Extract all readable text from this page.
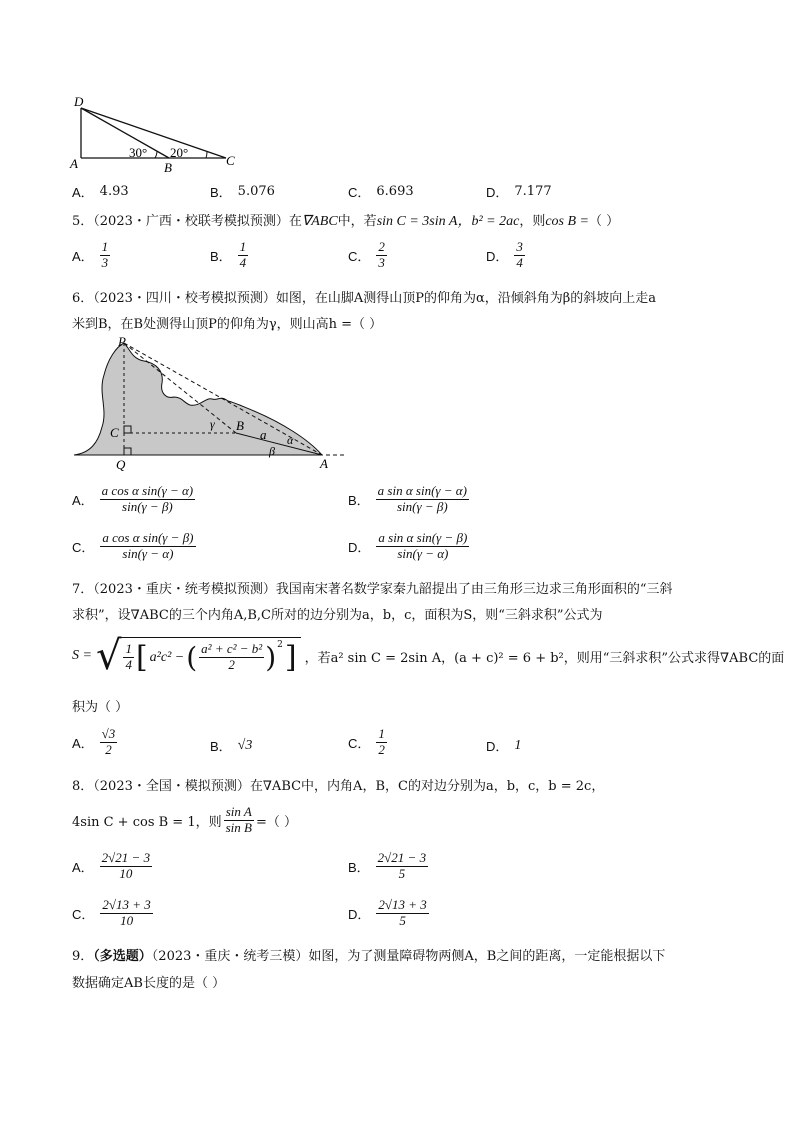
D
A	B	C
30° 20°
A． 4.93	B． 5.076	C． 6.693	D． 7.177
5．（2023・广西・校联考模拟预测）在∇ABC中，若sin C = 3sin A，b² = 2ac，则cos B =（ ）
A． $\frac{1}{3}$	B． $\frac{1}{4}$	C． $\frac{2}{3}$	D． $\frac{3}{4}$
6．（2023・四川・校考模拟预测）如图，在山脚A测得山顶P的仰角为α，沿倾斜角为β的斜坡向上走a
米到B，在B处测得山顶P的仰角为γ，则山高h =（ ）
P
C
Q	A
B
a α
β
γ
A． $\frac{\text{a cos α sin(γ − α)}}{\sin(\gamma - \beta)}$	B． $\frac{\text{a sin α sin(γ − α)}}{\sin(\gamma - \beta)}$
C． $\frac{\text{a cos α sin(γ − β)}}{\sin(\gamma - \alpha)}$	D． $\frac{\text{a sin α sin(γ − β)}}{\sin(\gamma - \alpha)}$
7．（2023・重庆・统考模拟预测）我国南宋著名数学家秦九韶提出了由三角形三边求三角形面积的“三斜
求积”，设∇ABC的三个内角A,B,C所对的边分别为a，b，c，面积为S，则“三斜求积”公式为
S = √ $\frac{1}{4}$ [ a²c² − ( $\frac{\text{a² + c² − b²}}{2} )^2$ ] ，若a² sin C = 2sin A，(a + c)² = 6 + b²，则用“三斜求积”公式求得∇ABC的面
积为（ ）
A． $\frac{√3}{2}$	B． √3	C． $\frac{1}{2}$	D． 1
8．（2023・全国・模拟预测）在∇ABC中，内角A，B，C的对边分别为a，b，c，b = 2c，
4sin C + cos B = 1，则 $\frac{\text{sin A}}{\text{sin B}}$ =（ ）
A． $\frac{2√21 - 3}{10}$	B． $\frac{2√21 - 3}{5}$
C． $\frac{2√13 + 3}{10}$	D． $\frac{2√13 + 3}{5}$
9．（多选题）（2023・重庆・统考三模）如图，为了测量障碍物两侧A，B之间的距离，一定能根据以下
数据确定AB长度的是（ ）
